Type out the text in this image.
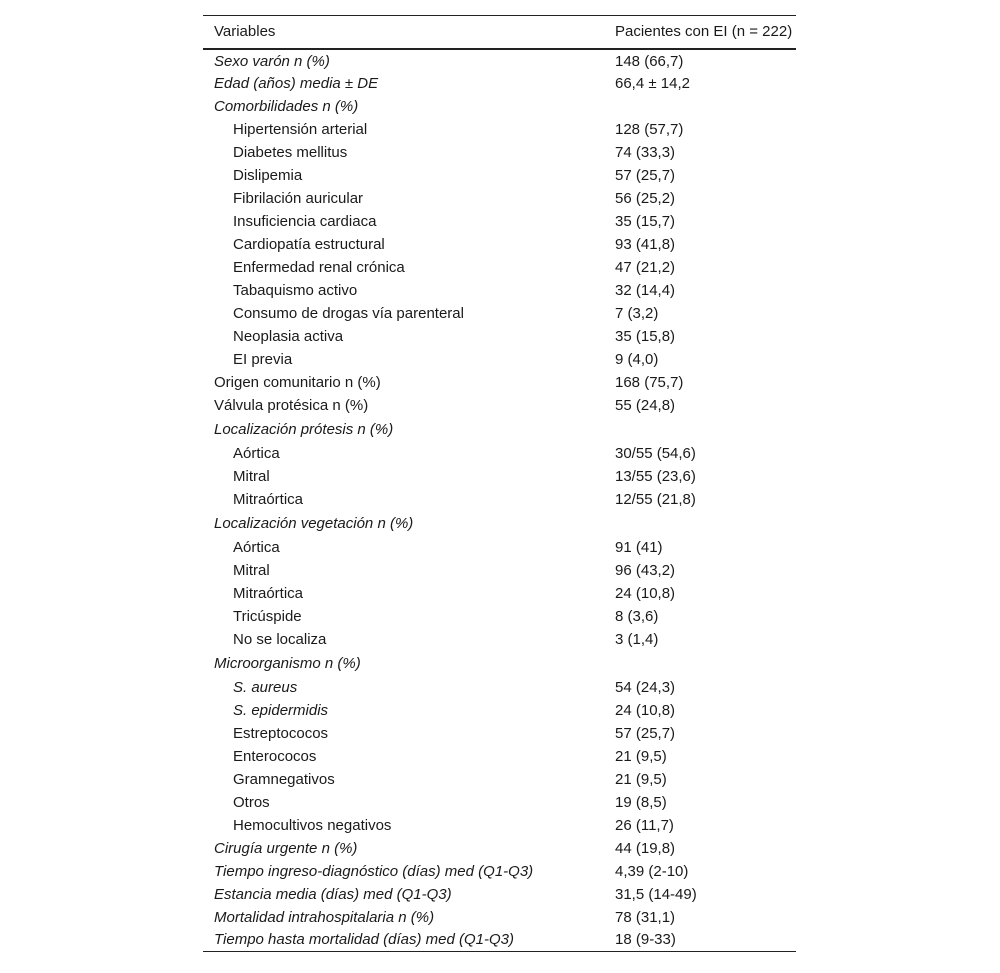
Variables	Pacientes con EI (n = 222)
Sexo varón n (%)	148 (66,7)
Edad (años) media ± DE	66,4 ± 14,2
Comorbilidades n (%)	
Hipertensión arterial	128 (57,7)
Diabetes mellitus	74 (33,3)
Dislipemia	57 (25,7)
Fibrilación auricular	56 (25,2)
Insuficiencia cardiaca	35 (15,7)
Cardiopatía estructural	93 (41,8)
Enfermedad renal crónica	47 (21,2)
Tabaquismo activo	32 (14,4)
Consumo de drogas vía parenteral	7 (3,2)
Neoplasia activa	35 (15,8)
EI previa	9 (4,0)
Origen comunitario n (%)	168 (75,7)
Válvula protésica n (%)	55 (24,8)
Localización prótesis n (%)	
Aórtica	30/55 (54,6)
Mitral	13/55 (23,6)
Mitraórtica	12/55 (21,8)
Localización vegetación n (%)	
Aórtica	91 (41)
Mitral	96 (43,2)
Mitraórtica	24 (10,8)
Tricúspide	8 (3,6)
No se localiza	3 (1,4)
Microorganismo n (%)	
S. aureus	54 (24,3)
S. epidermidis	24 (10,8)
Estreptococos	57 (25,7)
Enterococos	21 (9,5)
Gramnegativos	21 (9,5)
Otros	19 (8,5)
Hemocultivos negativos	26 (11,7)
Cirugía urgente n (%)	44 (19,8)
Tiempo ingreso-diagnóstico (días) med (Q1-Q3)	4,39 (2-10)
Estancia media (días) med (Q1-Q3)	31,5 (14-49)
Mortalidad intrahospitalaria n (%)	78 (31,1)
Tiempo hasta mortalidad (días) med (Q1-Q3)	18 (9-33)
